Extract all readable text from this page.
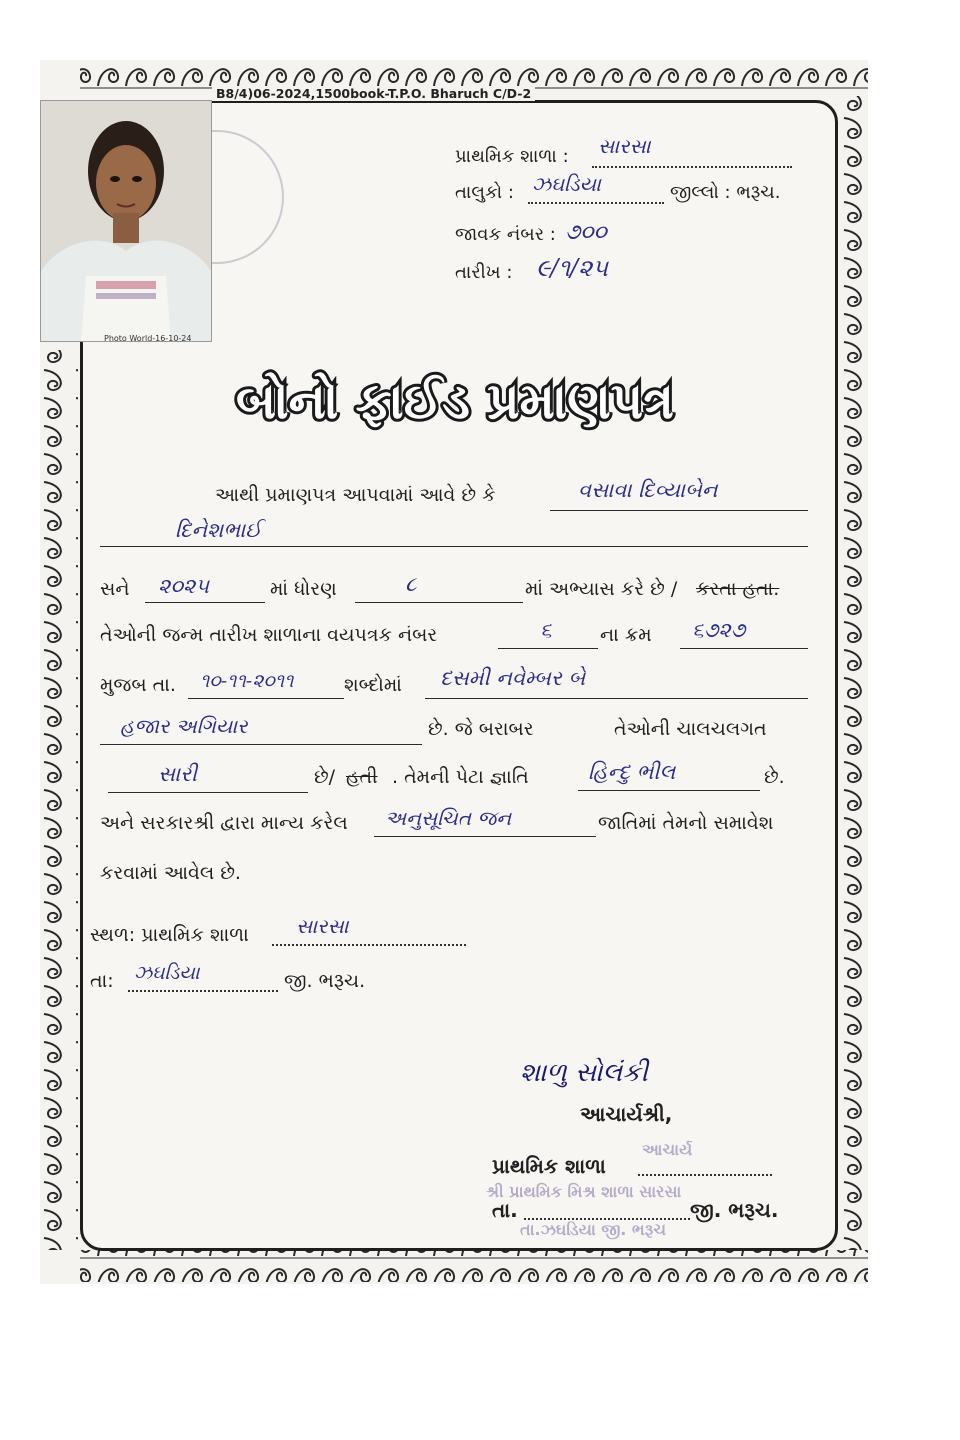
B8/4)06-2024,1500book-T.P.O. Bharuch C/D-2
Photo World-16-10-24
પ્રાથમિક શાળા : સારસા
તાલુકો : ઝઘડિયા	જીલ્લો : ભરૂચ.
જાવક નંબર : ૭૦૦
તારીખ : ૯/૧/૨૫
બોનો ફાઈડ પ્રમાણપત્ર
આથી પ્રમાણપત્ર આપવામાં આવે છે કે	વસાવા દિવ્યાબેન
દિનેશભાઈ
સને ૨૦૨૫	માં ધોરણ	૮	માં અભ્યાસ કરે છે / કરતા હતા.
તેઓની જન્મ તારીખ શાળાના વયપત્રક નંબર	૬	ના ક્રમ ૬૭૨૭
મુજબ તા. ૧૦-૧૧-૨૦૧૧	શબ્દોમાં દસમી નવેમ્બર બે
હજાર અગિયાર	છે. જે બરાબર	તેઓની ચાલચલગત
સારી	છે/ હતી . તેમની પેટા જ્ઞાતિ	હિન્દુ ભીલ	છે.
અને સરકારશ્રી દ્વારા માન્ય કરેલ અનુસૂચિત જન	જાતિમાં તેમનો સમાવેશ
કરવામાં આવેલ છે.
સ્થળ: પ્રાથમિક શાળા સારસા
તા: ઝઘડિયા	જી. ભરૂચ.
શાળુ સોલંકી
આચાર્યશ્રી,
પ્રાથમિક શાળા
તા.	જી. ભરૂચ.
આચાર્ય
શ્રી પ્રાથમિક મિશ્ર શાળા સારસા
તા.ઝઘડિયા જી. ભરૂચ
